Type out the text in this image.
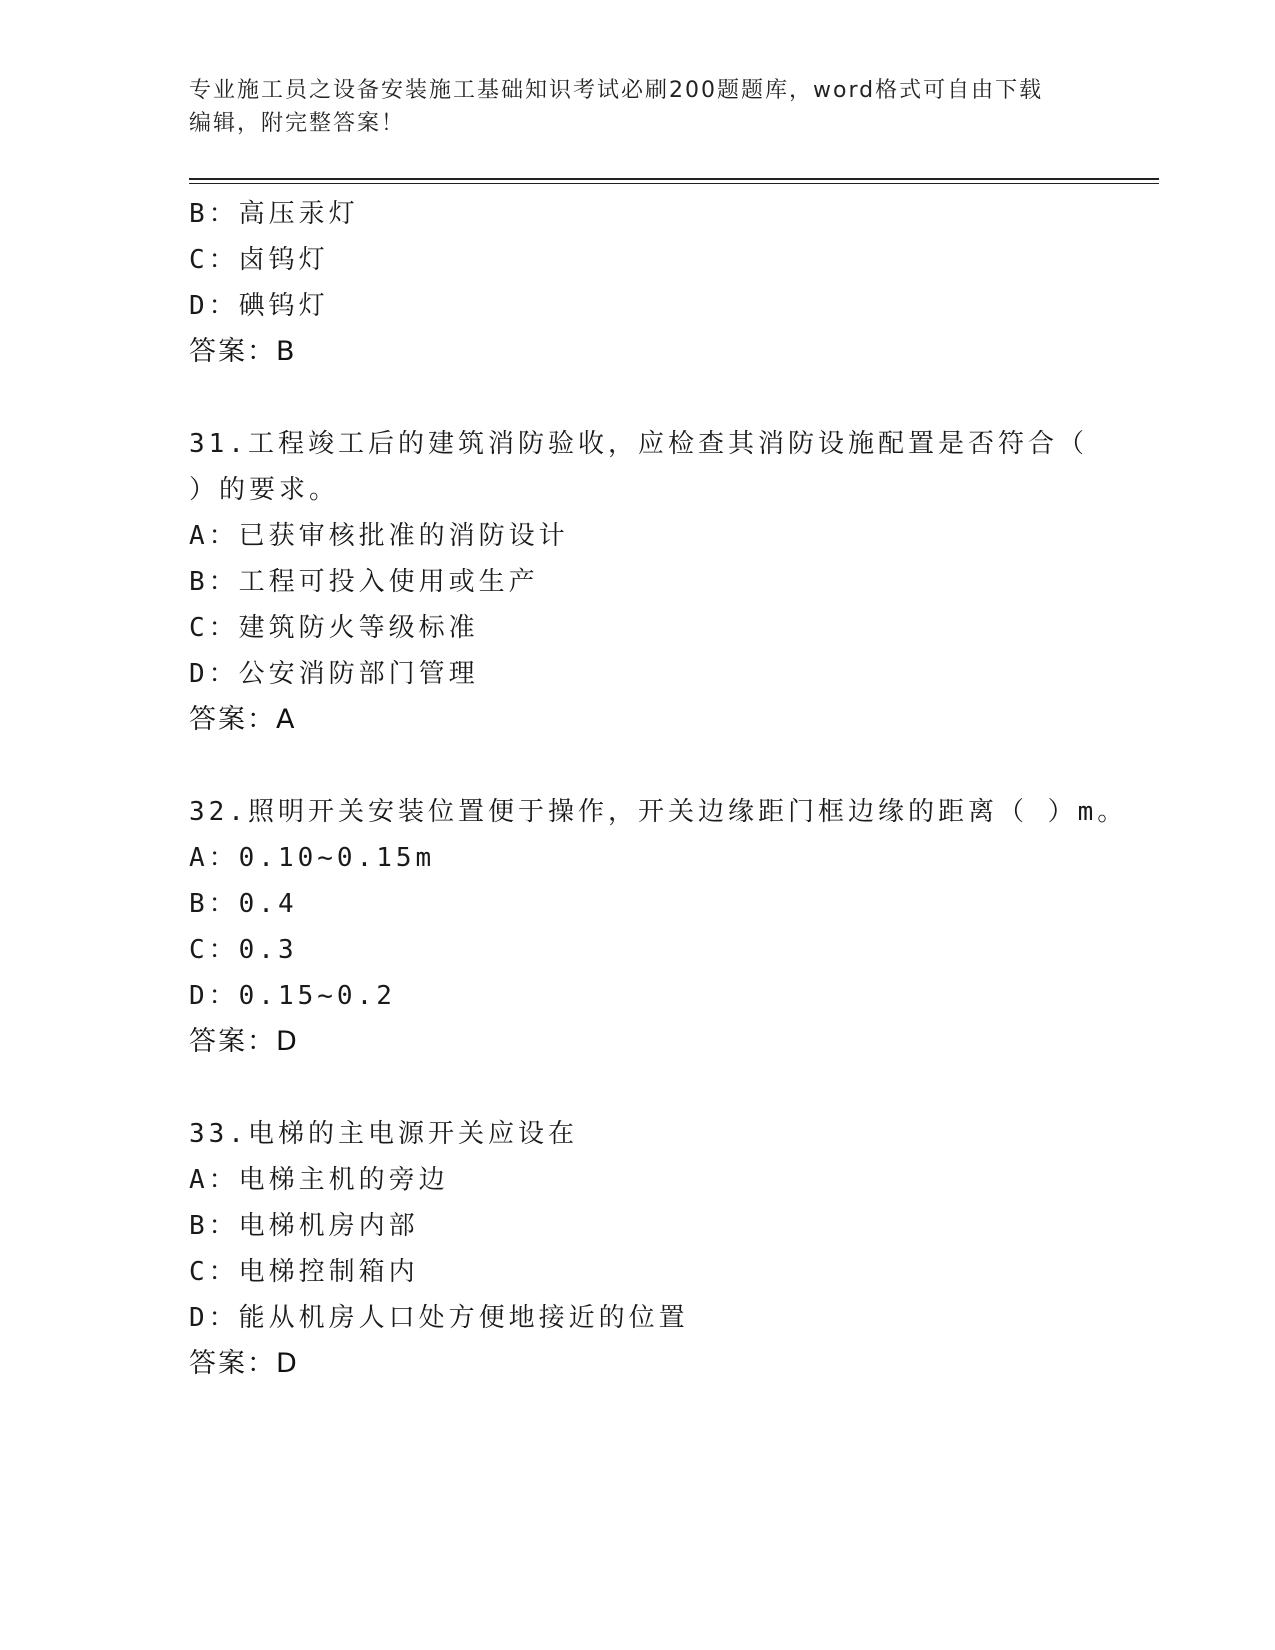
专业施工员之设备安装施工基础知识考试必刷200题题库，word格式可自由下载
编辑，附完整答案！
B：高压汞灯
C：卤钨灯
D：碘钨灯
答案：B
31.工程竣工后的建筑消防验收，应检查其消防设施配置是否符合（
）的要求。
A：已获审核批准的消防设计
B：工程可投入使用或生产
C：建筑防火等级标准
D：公安消防部门管理
答案：A
32.照明开关安装位置便于操作，开关边缘距门框边缘的距离（ ）m。
A：0.10~0.15m
B：0.4
C：0.3
D：0.15~0.2
答案：D
33.电梯的主电源开关应设在
A：电梯主机的旁边
B：电梯机房内部
C：电梯控制箱内
D：能从机房人口处方便地接近的位置
答案：D
